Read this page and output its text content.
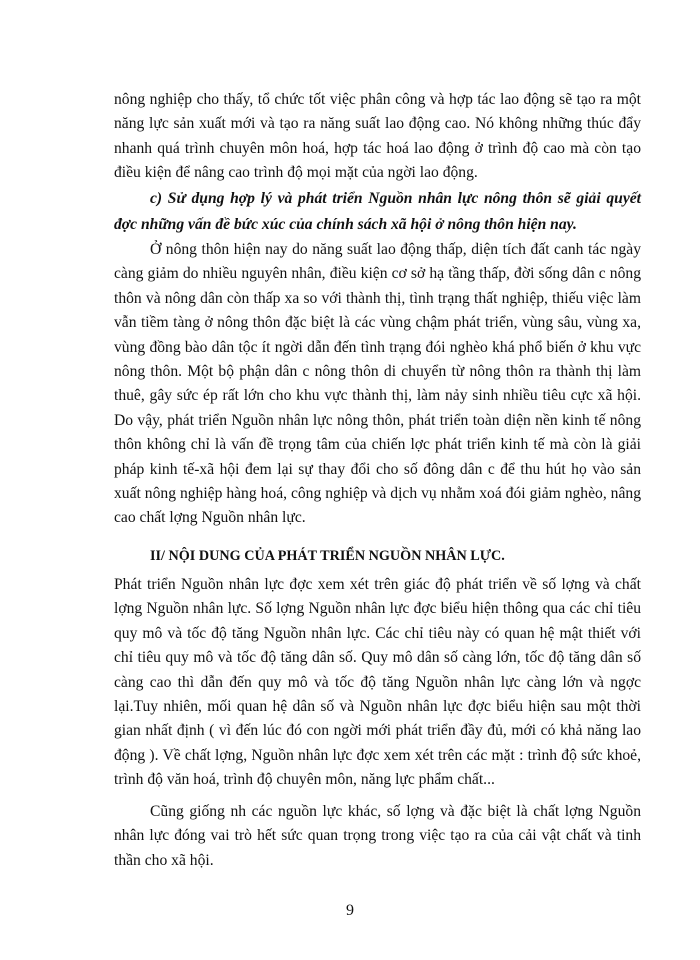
nông nghiệp cho thấy, tổ chức tốt việc phân công và hợp tác lao động sẽ tạo ra một năng lực sản xuất mới và tạo ra năng suất lao động cao. Nó không những thúc đẩy nhanh quá trình chuyên môn hoá, hợp tác hoá lao động ở trình độ cao mà còn tạo điều kiện để nâng cao trình độ mọi mặt của ngời lao động.

c) Sử dụng hợp lý và phát triển Nguồn nhân lực nông thôn sẽ giải quyết đợc những vấn đề bức xúc của chính sách xã hội ở nông thôn hiện nay.

Ở nông thôn hiện nay do năng suất lao động thấp, diện tích đất canh tác ngày càng giảm do nhiều nguyên nhân, điều kiện cơ sở hạ tầng thấp, đời sống dân c nông thôn và nông dân còn thấp xa so với thành thị, tình trạng thất nghiệp, thiếu việc làm vẫn tiềm tàng ở nông thôn đặc biệt là các vùng chậm phát triển, vùng sâu, vùng xa, vùng đồng bào dân tộc ít ngời dẫn đến tình trạng đói nghèo khá phổ biến ở khu vực nông thôn. Một bộ phận dân c nông thôn di chuyển từ nông thôn ra thành thị làm thuê, gây sức ép rất lớn cho khu vực thành thị, làm nảy sinh nhiều tiêu cực xã hội. Do vậy, phát triển Nguồn nhân lực nông thôn, phát triển toàn diện nền kinh tế nông thôn không chỉ là vấn đề trọng tâm của chiến lợc phát triển kinh tế mà còn là giải pháp kinh tế-xã hội đem lại sự thay đổi cho số đông dân c để thu hút họ vào sản xuất nông nghiệp hàng hoá, công nghiệp và dịch vụ nhằm xoá đói giảm nghèo, nâng cao chất lợng Nguồn nhân lực.

II/ NỘI DUNG CỦA PHÁT TRIỂN NGUỒN NHÂN LỰC.

Phát triển Nguồn nhân lực đợc xem xét trên giác độ phát triển về số lợng và chất lợng Nguồn nhân lực. Số lợng Nguồn nhân lực đợc biểu hiện thông qua các chỉ tiêu quy mô và tốc độ tăng Nguồn nhân lực. Các chỉ tiêu này có quan hệ mật thiết với chỉ tiêu quy mô và tốc độ tăng dân số. Quy mô dân số càng lớn, tốc độ tăng dân số càng cao thì dẫn đến quy mô và tốc độ tăng Nguồn nhân lực càng lớn và ngợc lại.Tuy nhiên, mối quan hệ dân số và Nguồn nhân lực đợc biểu hiện sau một thời gian nhất định ( vì đến lúc đó con ngời mới phát triển đầy đủ, mới có khả năng lao động ). Về chất lợng, Nguồn nhân lực đợc xem xét trên các mặt : trình độ sức khoẻ, trình độ văn hoá, trình độ chuyên môn, năng lực phẩm chất...

Cũng giống nh các nguồn lực khác, số lợng và đặc biệt là chất lợng Nguồn nhân lực đóng vai trò hết sức quan trọng trong việc tạo ra của cải vật chất và tinh thần cho xã hội.

9
